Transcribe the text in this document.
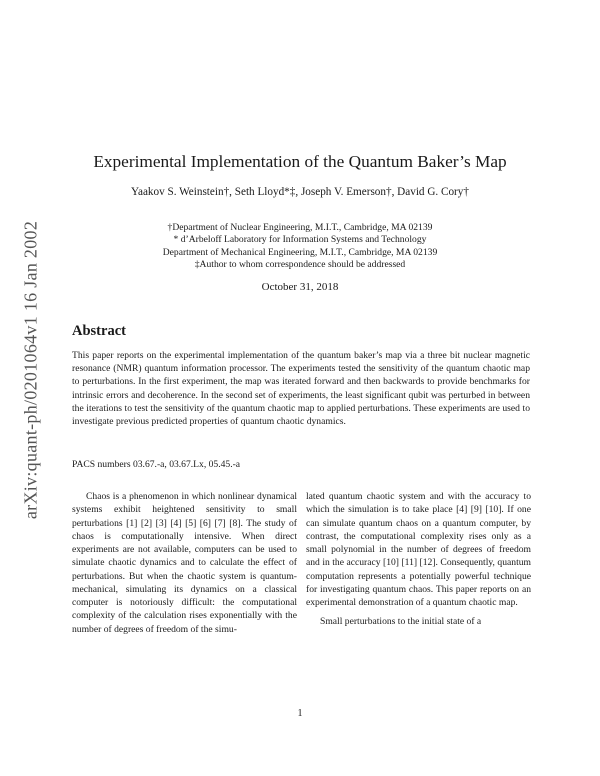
arXiv:quant-ph/0201064v1 16 Jan 2002
Experimental Implementation of the Quantum Baker’s Map
Yaakov S. Weinstein†, Seth Lloyd*‡, Joseph V. Emerson†, David G. Cory†
†Department of Nuclear Engineering, M.I.T., Cambridge, MA 02139
* d’Arbeloff Laboratory for Information Systems and Technology
Department of Mechanical Engineering, M.I.T., Cambridge, MA 02139
‡Author to whom correspondence should be addressed
October 31, 2018
Abstract
This paper reports on the experimental implementation of the quantum baker’s map via a three bit nuclear magnetic resonance (NMR) quantum information processor. The experiments tested the sensitivity of the quantum chaotic map to perturbations. In the first experiment, the map was iterated forward and then backwards to provide benchmarks for intrinsic errors and decoherence. In the second set of experiments, the least significant qubit was perturbed in between the iterations to test the sensitivity of the quantum chaotic map to applied perturbations. These experiments are used to investigate previous predicted properties of quantum chaotic dynamics.
PACS numbers 03.67.-a, 03.67.Lx, 05.45.-a

Chaos is a phenomenon in which nonlinear dynamical systems exhibit heightened sensitivity to small perturbations [1] [2] [3] [4] [5] [6] [7] [8]. The study of chaos is computationally intensive. When direct experiments are not available, computers can be used to simulate chaotic dynamics and to calculate the effect of perturbations. But when the chaotic system is quantum-mechanical, simulating its dynamics on a classical computer is notoriously difficult: the computational complexity of the calculation rises exponentially with the number of degrees of freedom of the simu-

lated quantum chaotic system and with the accuracy to which the simulation is to take place [4] [9] [10]. If one can simulate quantum chaos on a quantum computer, by contrast, the computational complexity rises only as a small polynomial in the number of degrees of freedom and in the accuracy [10] [11] [12]. Consequently, quantum computation represents a potentially powerful technique for investigating quantum chaos. This paper reports on an experimental demonstration of a quantum chaotic map.

Small perturbations to the initial state of a

1
